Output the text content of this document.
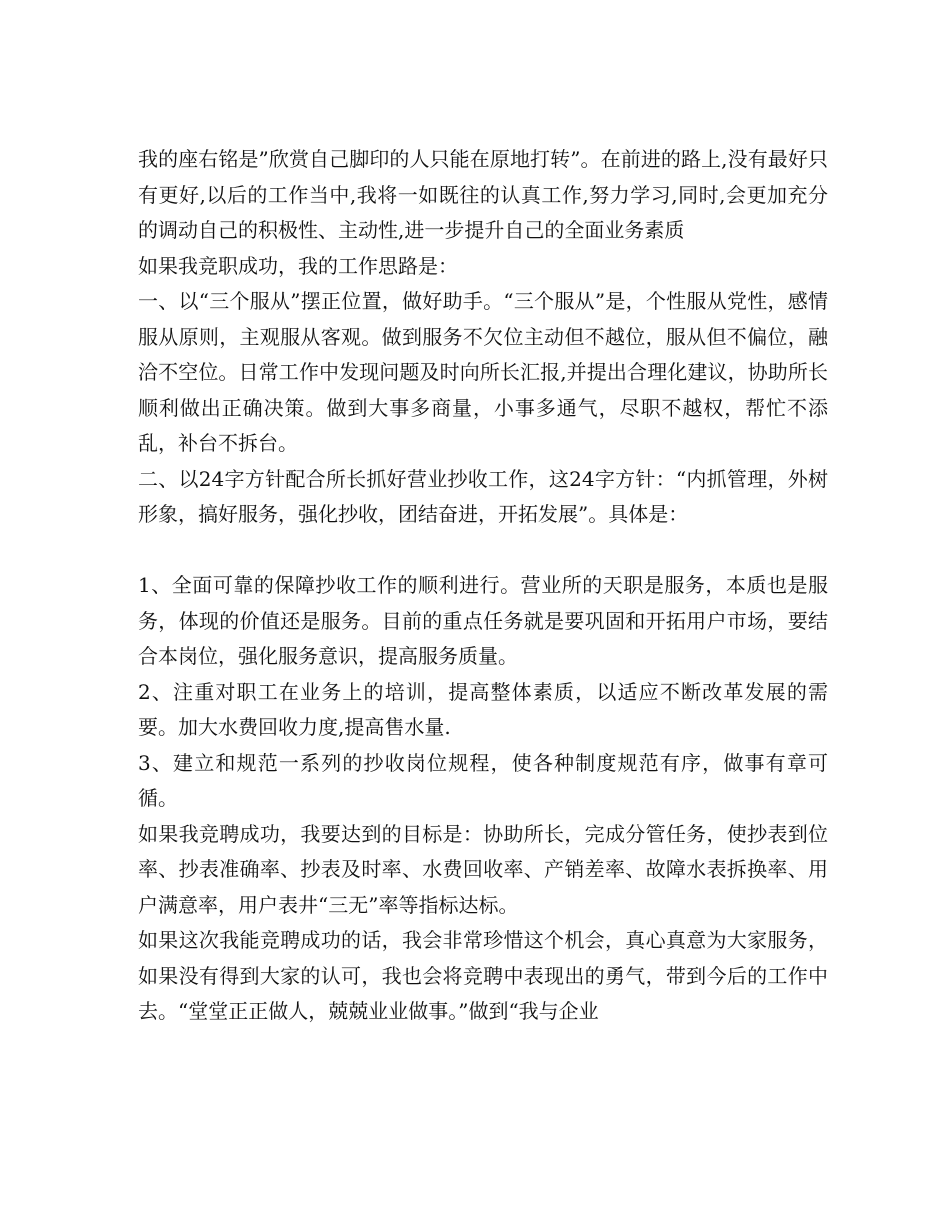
我的座右铭是”欣赏自己脚印的人只能在原地打转”。在前进的路上,没有最好只有更好,以后的工作当中,我将一如既往的认真工作,努力学习,同时,会更加充分的调动自己的积极性、主动性,进一步提升自己的全面业务素质

如果我竞职成功，我的工作思路是：

一、以“三个服从”摆正位置，做好助手。“三个服从”是，个性服从党性，感情服从原则，主观服从客观。做到服务不欠位主动但不越位，服从但不偏位，融洽不空位。日常工作中发现问题及时向所长汇报,并提出合理化建议，协助所长顺利做出正确决策。做到大事多商量，小事多通气，尽职不越权，帮忙不添乱，补台不拆台。

二、以24字方针配合所长抓好营业抄收工作，这24字方针：“内抓管理，外树形象，搞好服务，强化抄收，团结奋进，开拓发展”。具体是：

1、全面可靠的保障抄收工作的顺利进行。营业所的天职是服务，本质也是服务，体现的价值还是服务。目前的重点任务就是要巩固和开拓用户市场，要结合本岗位，强化服务意识，提高服务质量。

2、注重对职工在业务上的培训，提高整体素质，以适应不断改革发展的需要。加大水费回收力度,提高售水量.

3、建立和规范一系列的抄收岗位规程，使各种制度规范有序，做事有章可循。

如果我竞聘成功，我要达到的目标是：协助所长，完成分管任务，使抄表到位率、抄表准确率、抄表及时率、水费回收率、产销差率、故障水表拆换率、用户满意率，用户表井“三无”率等指标达标。

如果这次我能竞聘成功的话，我会非常珍惜这个机会，真心真意为大家服务，如果没有得到大家的认可，我也会将竞聘中表现出的勇气，带到今后的工作中去。“堂堂正正做人，兢兢业业做事。”做到“我与企业
